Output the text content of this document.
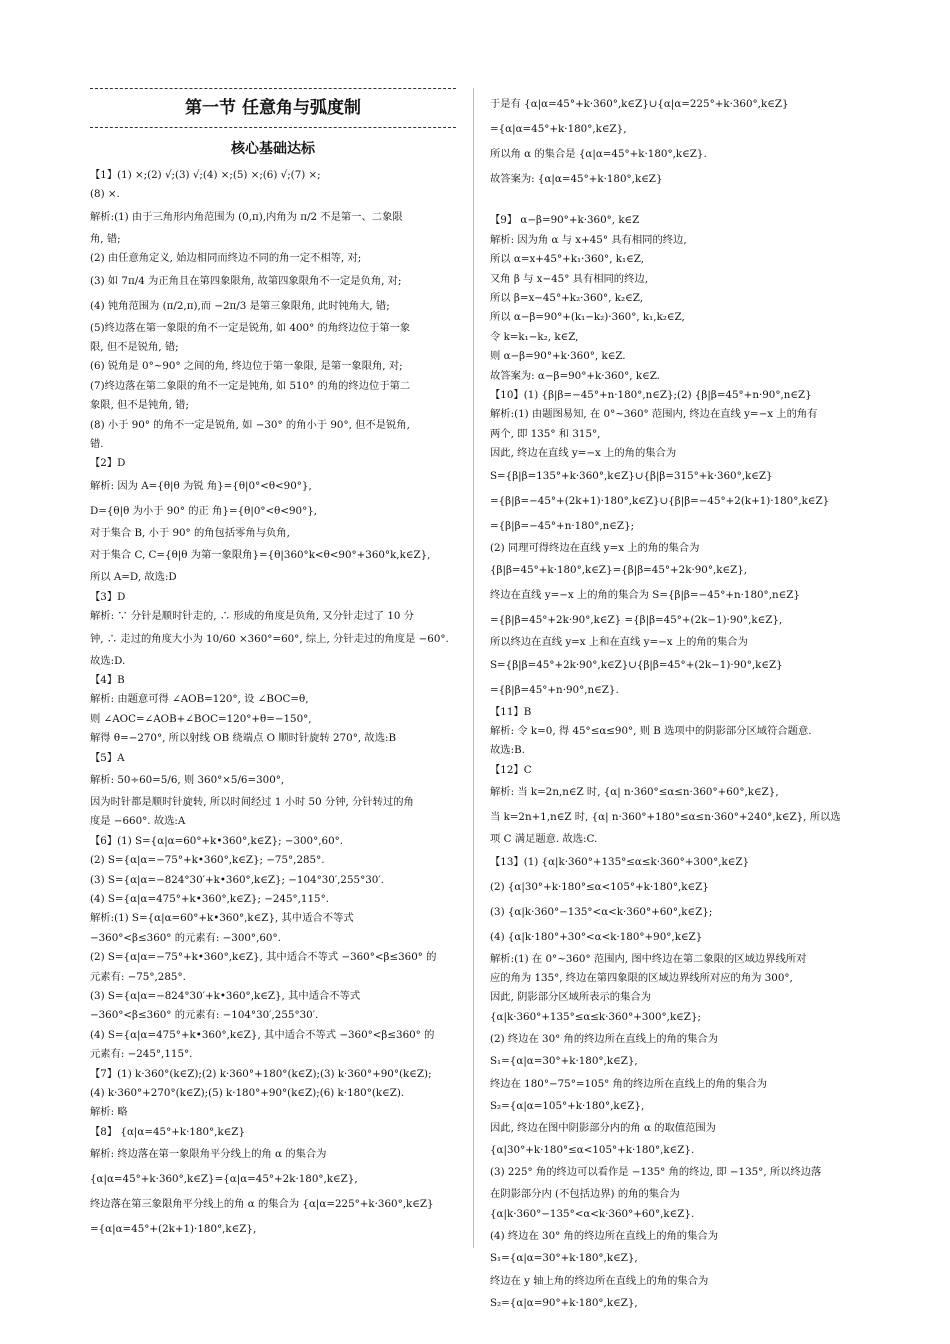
第一节 任意角与弧度制
核心基础达标
【1】(1) ×;(2) √;(3) √;(4) ×;(5) ×;(6) √;(7) ×;
(8) ×.
解析:(1) 由于三角形内角范围为 (0,π),内角为 π/2 不是第一、二象限
角, 错;
(2) 由任意角定义, 始边相同而终边不同的角一定不相等, 对;
(3) 如 7π/4 为正角且在第四象限角, 故第四象限角不一定是负角, 对;
(4) 钝角范围为 (π/2,π),而 −2π/3 是第三象限角, 此时钝角大, 错;
(5)终边落在第一象限的角不一定是锐角, 如 400° 的角终边位于第一象
限, 但不是锐角, 错;
(6) 锐角是 0°~90° 之间的角, 终边位于第一象限, 是第一象限角, 对;
(7)终边落在第二象限的角不一定是钝角, 如 510° 的角的终边位于第二
象限, 但不是钝角, 错;
(8) 小于 90° 的角不一定是锐角, 如 −30° 的角小于 90°, 但不是锐角,
错.
【2】D
解析: 因为 A={θ|θ 为锐 角}={θ|0°<θ<90°},
D={θ|θ 为小于 90° 的正 角}={θ|0°<θ<90°},
对于集合 B, 小于 90° 的角包括零角与负角,
对于集合 C, C={θ|θ 为第一象限角}={θ|360°k<θ<90°+360°k,k∈Z},
所以 A=D, 故选:D
【3】D
解析: ∵ 分针是顺时针走的, ∴ 形成的角度是负角, 又分针走过了 10 分
钟, ∴ 走过的角度大小为 10/60 ×360°=60°, 综上, 分针走过的角度是 −60°.
故选:D.
【4】B
解析: 由题意可得 ∠AOB=120°, 设 ∠BOC=θ,
则 ∠AOC=∠AOB+∠BOC=120°+θ=−150°,
解得 θ=−270°, 所以射线 OB 绕端点 O 顺时针旋转 270°, 故选:B
【5】A
解析: 50÷60=5/6, 则 360°×5/6=300°,
因为时针都是顺时针旋转, 所以时间经过 1 小时 50 分钟, 分针转过的角
度是 −660°. 故选:A
【6】(1) S={α|α=60°+k•360°,k∈Z}; −300°,60°.
(2) S={α|α=−75°+k•360°,k∈Z}; −75°,285°.
(3) S={α|α=−824°30′+k•360°,k∈Z}; −104°30′,255°30′.
(4) S={α|α=475°+k•360°,k∈Z}; −245°,115°.
解析:(1) S={α|α=60°+k•360°,k∈Z}, 其中适合不等式
−360°<β≤360° 的元素有: −300°,60°.
(2) S={α|α=−75°+k•360°,k∈Z}, 其中适合不等式 −360°<β≤360° 的
元素有: −75°,285°.
(3) S={α|α=−824°30′+k•360°,k∈Z}, 其中适合不等式
−360°<β≤360° 的元素有: −104°30′,255°30′.
(4) S={α|α=475°+k•360°,k∈Z}, 其中适合不等式 −360°<β≤360° 的
元素有: −245°,115°.
【7】(1) k·360°(k∈Z);(2) k·360°+180°(k∈Z);(3) k·360°+90°(k∈Z);
(4) k·360°+270°(k∈Z);(5) k·180°+90°(k∈Z);(6) k·180°(k∈Z).
解析: 略
【8】 {α|α=45°+k·180°,k∈Z}
解析: 终边落在第一象限角平分线上的角 α 的集合为
{α|α=45°+k·360°,k∈Z}={α|α=45°+2k·180°,k∈Z},
终边落在第三象限角平分线上的角 α 的集合为 {α|α=225°+k·360°,k∈Z}
={α|α=45°+(2k+1)·180°,k∈Z},
于是有 {α|α=45°+k·360°,k∈Z}∪{α|α=225°+k·360°,k∈Z}
={α|α=45°+k·180°,k∈Z},
所以角 α 的集合是 {α|α=45°+k·180°,k∈Z}.
故答案为: {α|α=45°+k·180°,k∈Z}

【9】 α−β=90°+k·360°, k∈Z
解析: 因为角 α 与 x+45° 具有相同的终边,
所以 α=x+45°+k₁·360°, k₁∈Z,
又角 β 与 x−45° 具有相同的终边,
所以 β=x−45°+k₂·360°, k₂∈Z,
所以 α−β=90°+(k₁−k₂)·360°, k₁,k₂∈Z,
令 k=k₁−k₂, k∈Z,
则 α−β=90°+k·360°, k∈Z.
故答案为: α−β=90°+k·360°, k∈Z.
【10】(1) {β|β=−45°+n·180°,n∈Z};(2) {β|β=45°+n·90°,n∈Z}
解析:(1) 由题图易知, 在 0°~360° 范围内, 终边在直线 y=−x 上的角有
两个, 即 135° 和 315°,
因此, 终边在直线 y=−x 上的角的集合为
S={β|β=135°+k·360°,k∈Z}∪{β|β=315°+k·360°,k∈Z}
={β|β=−45°+(2k+1)·180°,k∈Z}∪{β|β=−45°+2(k+1)·180°,k∈Z}
={β|β=−45°+n·180°,n∈Z};
(2) 同理可得终边在直线 y=x 上的角的集合为
{β|β=45°+k·180°,k∈Z}={β|β=45°+2k·90°,k∈Z},
终边在直线 y=−x 上的角的集合为 S={β|β=−45°+n·180°,n∈Z}
={β|β=45°+2k·90°,k∈Z} ={β|β=45°+(2k−1)·90°,k∈Z},
所以终边在直线 y=x 上和在直线 y=−x 上的角的集合为
S={β|β=45°+2k·90°,k∈Z}∪{β|β=45°+(2k−1)·90°,k∈Z}
={β|β=45°+n·90°,n∈Z}.
【11】B
解析: 令 k=0, 得 45°≤α≤90°, 则 B 选项中的阴影部分区域符合题意.
故选:B.
【12】C
解析: 当 k=2n,n∈Z 时, {α| n·360°≤α≤n·360°+60°,k∈Z},
当 k=2n+1,n∈Z 时, {α| n·360°+180°≤α≤n·360°+240°,k∈Z}, 所以选
项 C 满足题意. 故选:C.
【13】(1) {α|k·360°+135°≤α≤k·360°+300°,k∈Z}
(2) {α|30°+k·180°≤α<105°+k·180°,k∈Z}
(3) {α|k·360°−135°<α<k·360°+60°,k∈Z};
(4) {α|k·180°+30°<α<k·180°+90°,k∈Z}
解析:(1) 在 0°~360° 范围内, 图中终边在第二象限的区域边界线所对
应的角为 135°, 终边在第四象限的区域边界线所对应的角为 300°,
因此, 阴影部分区域所表示的集合为
{α|k·360°+135°≤α≤k·360°+300°,k∈Z};
(2) 终边在 30° 角的终边所在直线上的角的集合为
S₁={α|α=30°+k·180°,k∈Z},
终边在 180°−75°=105° 角的终边所在直线上的角的集合为
S₂={α|α=105°+k·180°,k∈Z},
因此, 终边在图中阴影部分内的角 α 的取值范围为
{α|30°+k·180°≤α<105°+k·180°,k∈Z}.
(3) 225° 角的终边可以看作是 −135° 角的终边, 即 −135°, 所以终边落
在阴影部分内 (不包括边界) 的角的集合为
{α|k·360°−135°<α<k·360°+60°,k∈Z}.
(4) 终边在 30° 角的终边所在直线上的角的集合为
S₁={α|α=30°+k·180°,k∈Z},
终边在 y 轴上角的终边所在直线上的角的集合为
S₂={α|α=90°+k·180°,k∈Z},
